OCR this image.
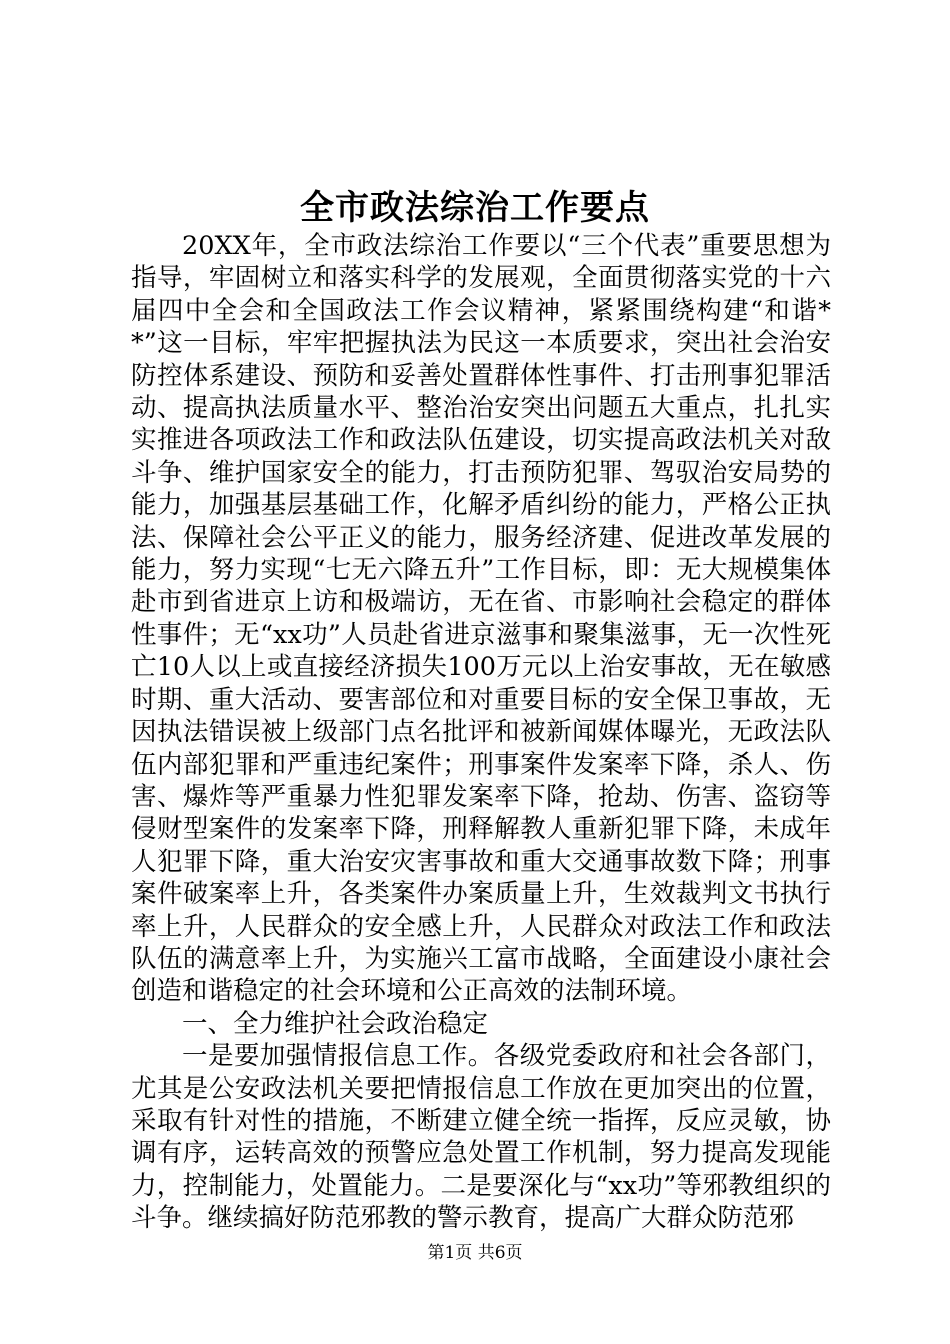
全市政法综治工作要点

20XX年，全市政法综治工作要以“三个代表”重要思想为指导，牢固树立和落实科学的发展观，全面贯彻落实党的十六届四中全会和全国政法工作会议精神，紧紧围绕构建“和谐**”这一目标，牢牢把握执法为民这一本质要求，突出社会治安防控体系建设、预防和妥善处置群体性事件、打击刑事犯罪活动、提高执法质量水平、整治治安突出问题五大重点，扎扎实实推进各项政法工作和政法队伍建设，切实提高政法机关对敌斗争、维护国家安全的能力，打击预防犯罪、驾驭治安局势的能力，加强基层基础工作，化解矛盾纠纷的能力，严格公正执法、保障社会公平正义的能力，服务经济建、促进改革发展的能力，努力实现“七无六降五升”工作目标，即：无大规模集体赴市到省进京上访和极端访，无在省、市影响社会稳定的群体性事件；无“xx功”人员赴省进京滋事和聚集滋事，无一次性死亡10人以上或直接经济损失100万元以上治安事故，无在敏感时期、重大活动、要害部位和对重要目标的安全保卫事故，无因执法错误被上级部门点名批评和被新闻媒体曝光，无政法队伍内部犯罪和严重违纪案件；刑事案件发案率下降，杀人、伤害、爆炸等严重暴力性犯罪发案率下降，抢劫、伤害、盗窃等侵财型案件的发案率下降，刑释解教人重新犯罪下降，未成年人犯罪下降，重大治安灾害事故和重大交通事故数下降；刑事案件破案率上升，各类案件办案质量上升，生效裁判文书执行率上升，人民群众的安全感上升，人民群众对政法工作和政法队伍的满意率上升，为实施兴工富市战略，全面建设小康社会创造和谐稳定的社会环境和公正高效的法制环境。

一、全力维护社会政治稳定

一是要加强情报信息工作。各级党委政府和社会各部门，尤其是公安政法机关要把情报信息工作放在更加突出的位置，采取有针对性的措施，不断建立健全统一指挥，反应灵敏，协调有序，运转高效的预警应急处置工作机制，努力提高发现能力，控制能力，处置能力。二是要深化与“xx功”等邪教组织的斗争。继续搞好防范邪教的警示教育，提高广大群众防范邪

第1页 共6页
